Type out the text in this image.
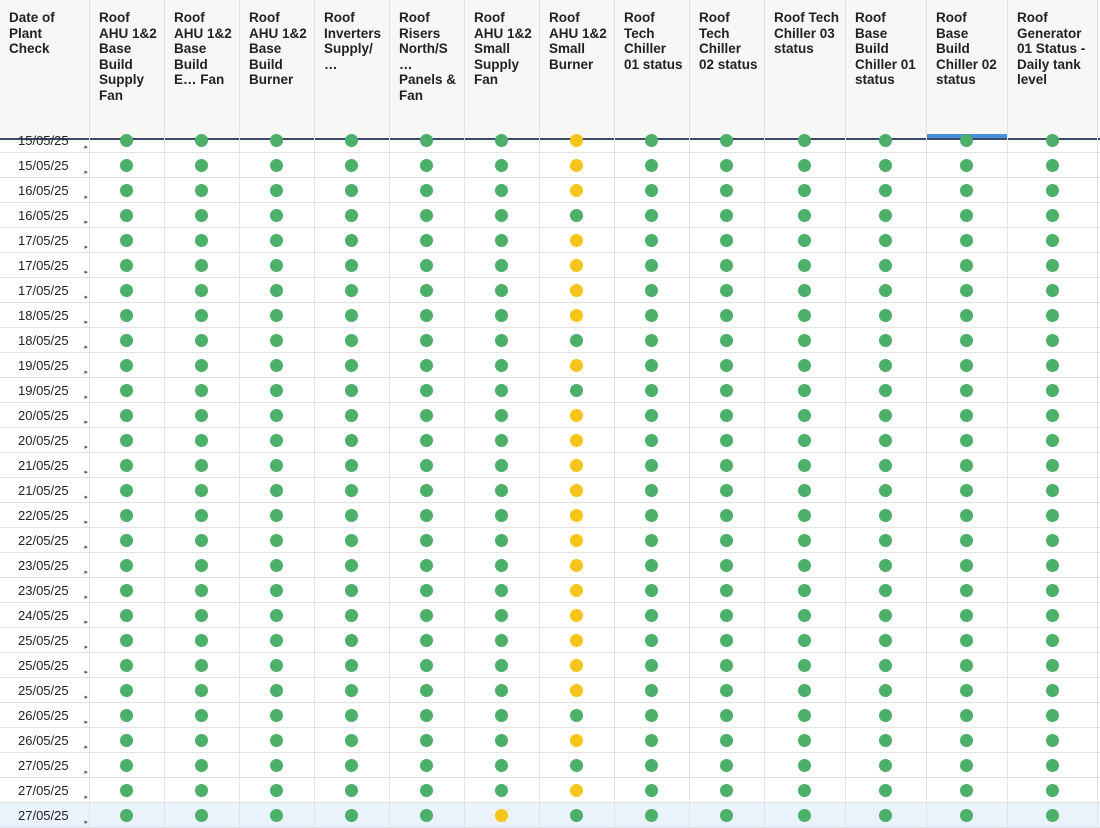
Date of Plant Check
Roof AHU 1&2 Base Build Supply Fan
Roof AHU 1&2 Base Build E… Fan
Roof AHU 1&2 Base Build Burner
Roof Inverters Supply/…
Roof Risers North/S… Panels & Fan
Roof AHU 1&2 Small Supply Fan
Roof AHU 1&2 Small Burner
Roof Tech Chiller 01 status
Roof Tech Chiller 02 status
Roof Tech Chiller 03 status
Roof Base Build Chiller 01 status
Roof Base Build Chiller 02 status
Roof Generator 01 Status - Daily tank level
15/05/25 ▸
15/05/25 ▸
16/05/25 ▸
16/05/25 ▸
17/05/25 ▸
17/05/25 ▸
17/05/25 ▸
18/05/25 ▸
18/05/25 ▸
19/05/25 ▸
19/05/25 ▸
20/05/25 ▸
20/05/25 ▸
21/05/25 ▸
21/05/25 ▸
22/05/25 ▸
22/05/25 ▸
23/05/25 ▸
23/05/25 ▸
24/05/25 ▸
25/05/25 ▸
25/05/25 ▸
25/05/25 ▸
26/05/25 ▸
26/05/25 ▸
27/05/25 ▸
27/05/25 ▸
27/05/25 ▸
